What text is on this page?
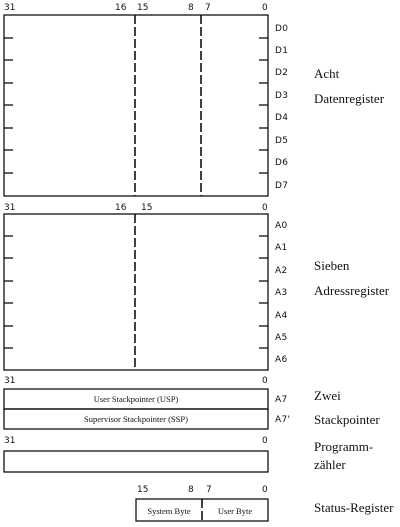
31	16 15	8 7	0
D0
D1
D2
D3
D4
D5
D6
D7
Acht
Datenregister
31	16 15	0
A0
A1
A2
A3
A4
A5
A6
Sieben
Adressregister
31	0
User Stackpointer (USP)
Supervisor Stackpointer (SSP)
A7
A7'
Zwei
Stackpointer
31	0	Programm-
zähler
15	8 7	0
System Byte	User Byte	Status-Register
